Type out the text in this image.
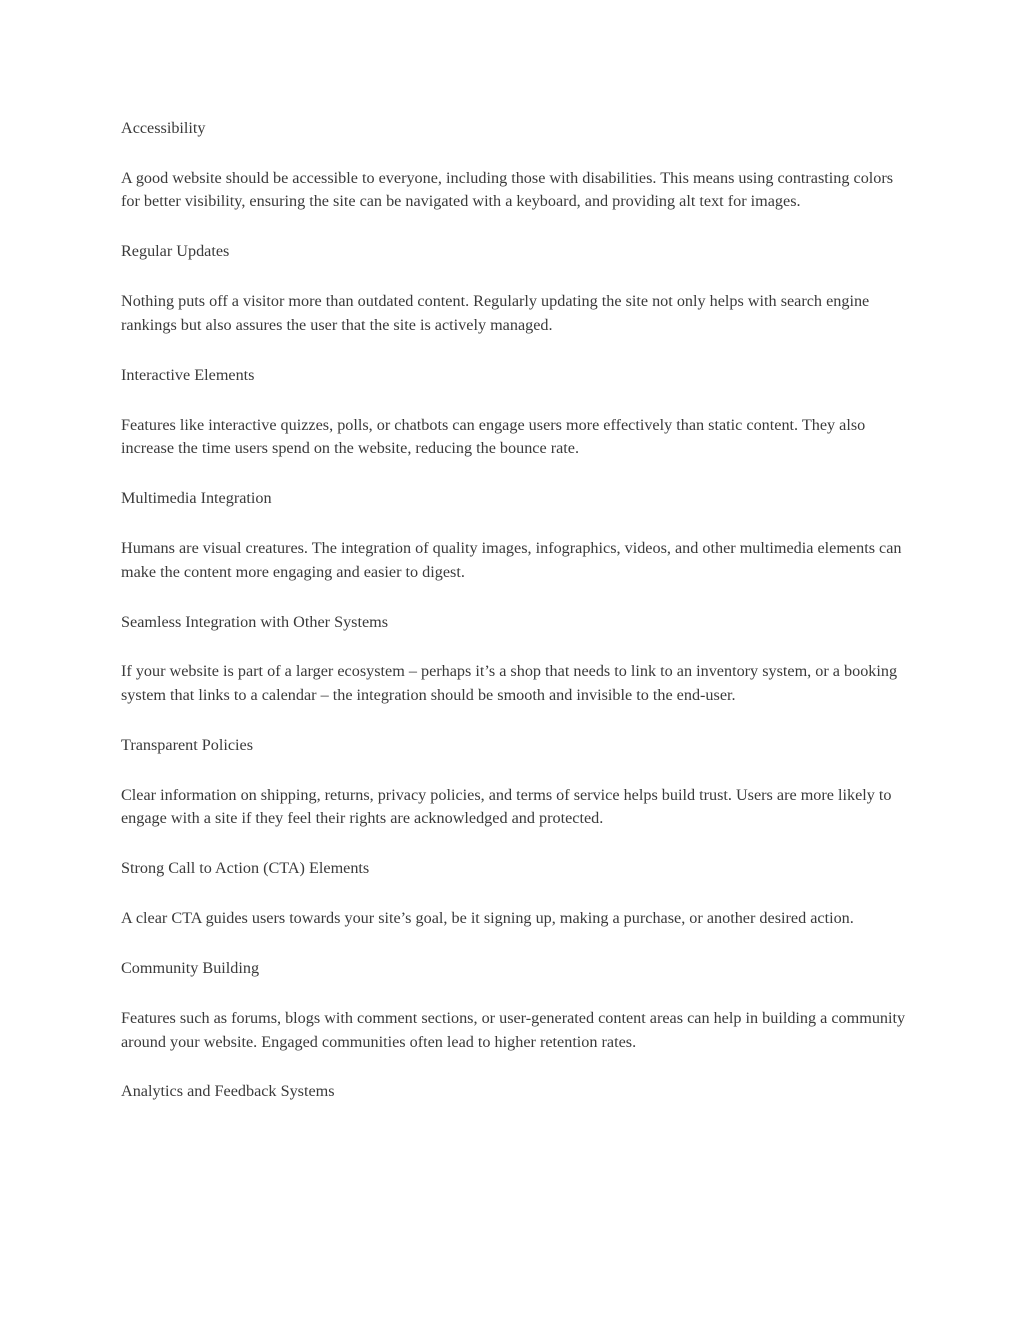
Accessibility

A good website should be accessible to everyone, including those with disabilities. This means using contrasting colors for better visibility, ensuring the site can be navigated with a keyboard, and providing alt text for images.

Regular Updates

Nothing puts off a visitor more than outdated content. Regularly updating the site not only helps with search engine rankings but also assures the user that the site is actively managed.

Interactive Elements

Features like interactive quizzes, polls, or chatbots can engage users more effectively than static content. They also increase the time users spend on the website, reducing the bounce rate.

Multimedia Integration

Humans are visual creatures. The integration of quality images, infographics, videos, and other multimedia elements can make the content more engaging and easier to digest.

Seamless Integration with Other Systems

If your website is part of a larger ecosystem – perhaps it’s a shop that needs to link to an inventory system, or a booking system that links to a calendar – the integration should be smooth and invisible to the end-user.

Transparent Policies

Clear information on shipping, returns, privacy policies, and terms of service helps build trust. Users are more likely to engage with a site if they feel their rights are acknowledged and protected.

Strong Call to Action (CTA) Elements

A clear CTA guides users towards your site’s goal, be it signing up, making a purchase, or another desired action.

Community Building

Features such as forums, blogs with comment sections, or user-generated content areas can help in building a community around your website. Engaged communities often lead to higher retention rates.

Analytics and Feedback Systems
